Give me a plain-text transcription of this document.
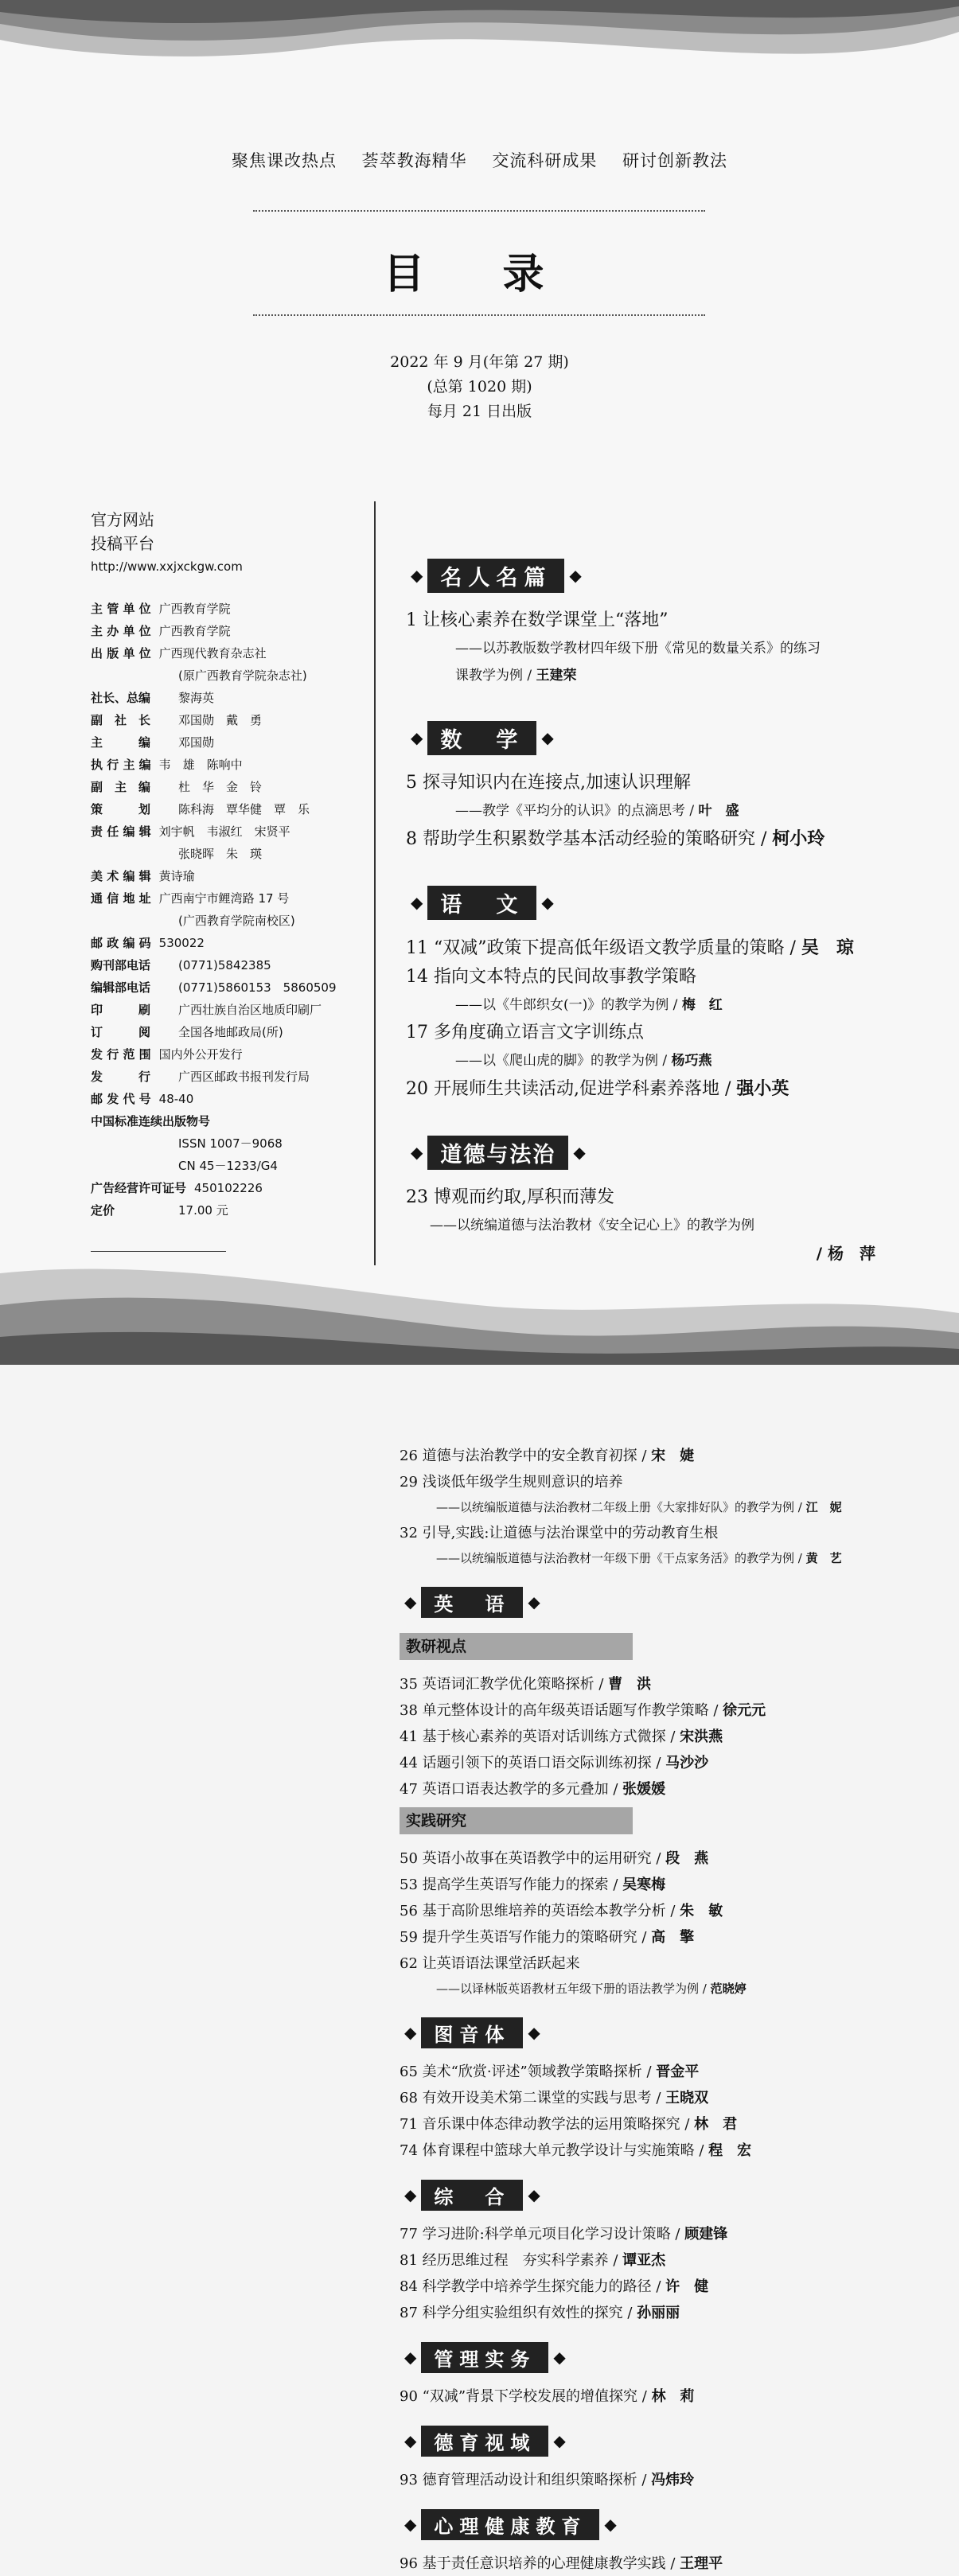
聚焦课改热点 荟萃教海精华 交流科研成果 研讨创新教法
目 录
2022 年 9 月(年第 27 期)
(总第 1020 期)
每月 21 日出版
官方网站
投稿平台
http://www.xxjxckgw.com
主 管 单 位 广西教育学院
主 办 单 位 广西教育学院
出 版 单 位 广西现代教育杂志社
(原广西教育学院杂志社)
社长、总编	黎海英
副　社　长	邓国勋　戴　勇
主　　　编	邓国勋
执 行 主 编 韦　雄　陈响中
副　主　编	杜　华　金　铃
策　　　划	陈科海　覃华健　覃　乐
责 任 编 辑 刘宇帆　韦淑红　宋贤平
张晓晖　朱　瑛
美 术 编 辑 黄诗瑜
通 信 地 址 广西南宁市鲤湾路 17 号
(广西教育学院南校区)
邮 政 编 码 530022
购刊部电话	(0771)5842385
编辑部电话	(0771)5860153　5860509
印　　　刷	广西壮族自治区地质印刷厂
订　　　阅	全国各地邮政局(所)
发 行 范 围 国内外公开发行
发　　　行	广西区邮政书报刊发行局
邮 发 代 号 48-40
中国标准连续出版物号
ISSN 1007－9068
CN 45－1233/G4
广告经营许可证号 450102226
定价	17.00 元
◆ 名人名篇	◆
1 让核心素养在数学课堂上“落地”
——以苏教版数学教材四年级下册《常见的数量关系》的练习
课教学为例 / 王建荣
◆ 数　学	◆
5 探寻知识内在连接点,加速认识理解
——教学《平均分的认识》的点滴思考 / 叶　盛
8 帮助学生积累数学基本活动经验的策略研究 / 柯小玲
◆ 语　文	◆
11 “双减”政策下提高低年级语文教学质量的策略 / 吴　琼
14 指向文本特点的民间故事教学策略
——以《牛郎织女(一)》的教学为例 / 梅　红
17 多角度确立语言文字训练点
——以《爬山虎的脚》的教学为例 / 杨巧燕
20 开展师生共读活动,促进学科素养落地 / 强小英
◆ 道德与法治	◆
23 博观而约取,厚积而薄发
——以统编道德与法治教材《安全记心上》的教学为例
/ 杨　萍
26 道德与法治教学中的安全教育初探 / 宋　婕
29 浅谈低年级学生规则意识的培养
——以统编版道德与法治教材二年级上册《大家排好队》的教学为例 / 江　妮
32 引导,实践:让道德与法治课堂中的劳动教育生根
——以统编版道德与法治教材一年级下册《干点家务活》的教学为例 / 黄　艺
◆ 英　语	◆
教研视点
35 英语词汇教学优化策略探析 / 曹　洪
38 单元整体设计的高年级英语话题写作教学策略 / 徐元元
41 基于核心素养的英语对话训练方式微探 / 宋洪燕
44 话题引领下的英语口语交际训练初探 / 马沙沙
47 英语口语表达教学的多元叠加 / 张媛媛
实践研究
50 英语小故事在英语教学中的运用研究 / 段　燕
53 提高学生英语写作能力的探索 / 吴寒梅
56 基于高阶思维培养的英语绘本教学分析 / 朱　敏
59 提升学生英语写作能力的策略研究 / 高　擎
62 让英语语法课堂活跃起来
——以译林版英语教材五年级下册的语法教学为例 / 范晓婷
◆ 图音体	◆
65 美术“欣赏·评述”领域教学策略探析 / 晋金平
68 有效开设美术第二课堂的实践与思考 / 王晓双
71 音乐课中体态律动教学法的运用策略探究 / 林　君
74 体育课程中篮球大单元教学设计与实施策略 / 程　宏
◆ 综　合	◆
77 学习进阶:科学单元项目化学习设计策略 / 顾建锋
81 经历思维过程　夯实科学素养 / 谭亚杰
84 科学教学中培养学生探究能力的路径 / 许　健
87 科学分组实验组织有效性的探究 / 孙丽丽
◆ 管理实务	◆
90 “双减”背景下学校发展的增值探究 / 林　莉
◆ 德育视域	◆
93 德育管理活动设计和组织策略探析 / 冯炜玲
◆ 心理健康教育	◆
96 基于责任意识培养的心理健康教学实践 / 王理平
